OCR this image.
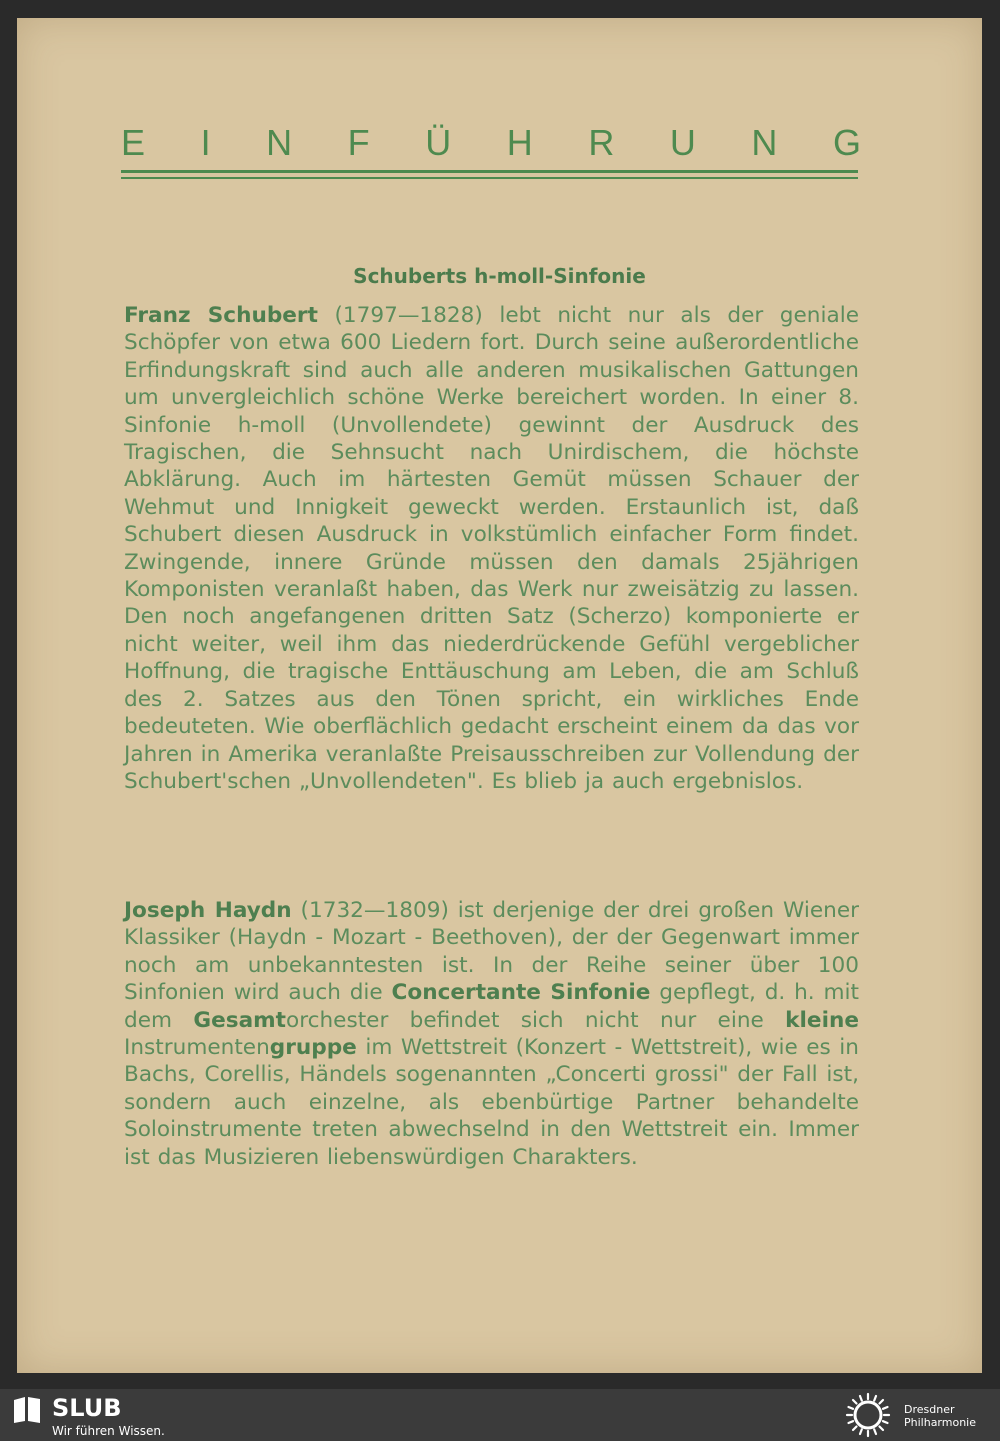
E I N F Ü H R U N G
Schuberts h-moll-Sinfonie
Franz Schubert (1797—1828) lebt nicht nur als der geniale Schöpfer von etwa 600 Liedern fort. Durch seine außerordentliche Erfindungskraft sind auch alle anderen musikalischen Gattungen um unvergleichlich schöne Werke bereichert worden. In einer 8. Sinfonie h-moll (Unvollendete) gewinnt der Ausdruck des Tragischen, die Sehnsucht nach Unirdischem, die höchste Abklärung. Auch im härtesten Gemüt müssen Schauer der Wehmut und Innigkeit geweckt werden. Erstaunlich ist, daß Schubert diesen Ausdruck in volkstümlich einfacher Form findet. Zwingende, innere Gründe müssen den damals 25jährigen Komponisten veranlaßt haben, das Werk nur zweisätzig zu lassen. Den noch angefangenen dritten Satz (Scherzo) komponierte er nicht weiter, weil ihm das niederdrückende Gefühl vergeblicher Hoffnung, die tragische Enttäuschung am Leben, die am Schluß des 2. Satzes aus den Tönen spricht, ein wirkliches Ende bedeuteten. Wie oberflächlich gedacht erscheint einem da das vor Jahren in Amerika veranlaßte Preisausschreiben zur Vollendung der Schubert'schen „Unvollendeten". Es blieb ja auch ergebnislos.
Joseph Haydn (1732—1809) ist derjenige der drei großen Wiener Klassiker (Haydn - Mozart - Beethoven), der der Gegenwart immer noch am unbekanntesten ist. In der Reihe seiner über 100 Sinfonien wird auch die Concertante Sinfonie gepflegt, d. h. mit dem Gesamtorchester befindet sich nicht nur eine kleine Instrumentengruppe im Wettstreit (Konzert - Wettstreit), wie es in Bachs, Corellis, Händels sogenannten „Concerti grossi" der Fall ist, sondern auch einzelne, als ebenbürtige Partner behandelte Soloinstrumente treten abwechselnd in den Wettstreit ein. Immer ist das Musizieren liebenswürdigen Charakters.
SLUB
Wir führen Wissen.
Dresdner
Philharmonie
